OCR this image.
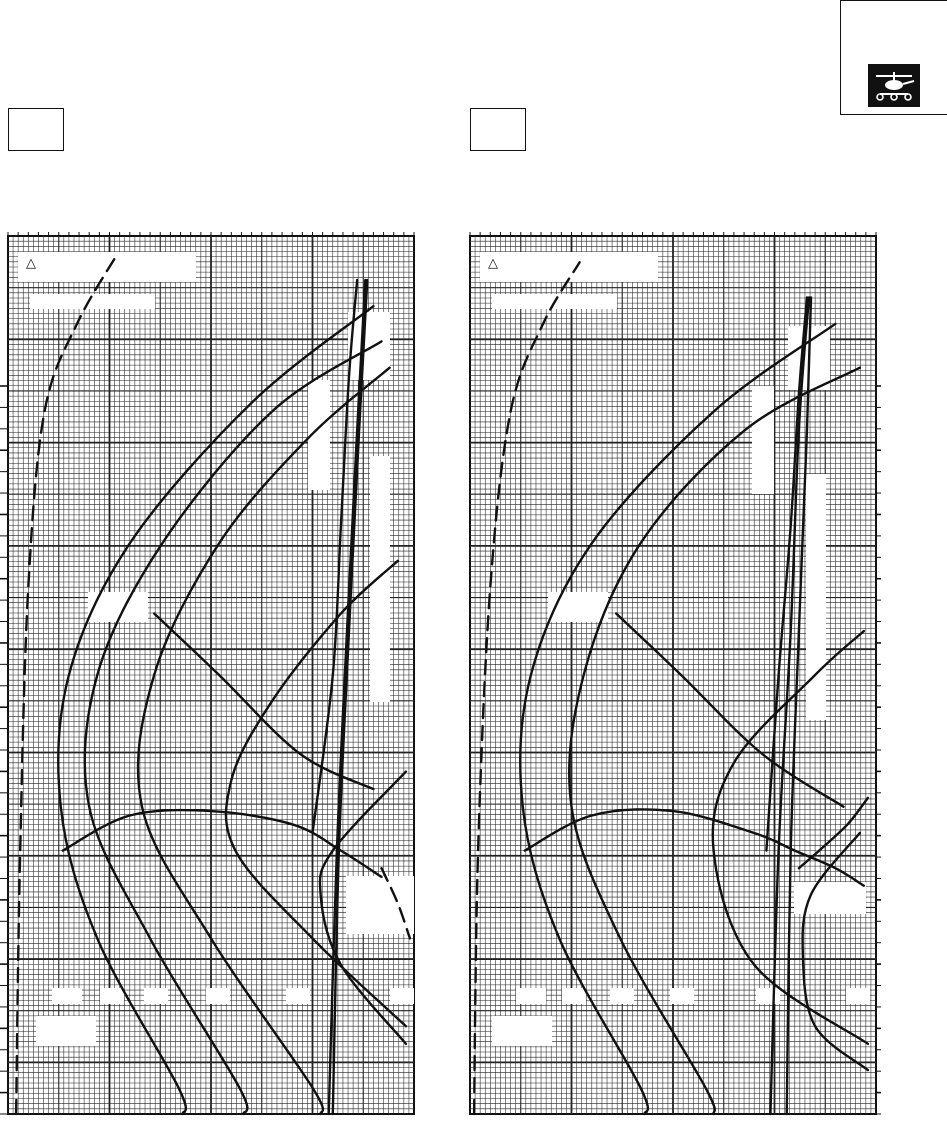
△	△
